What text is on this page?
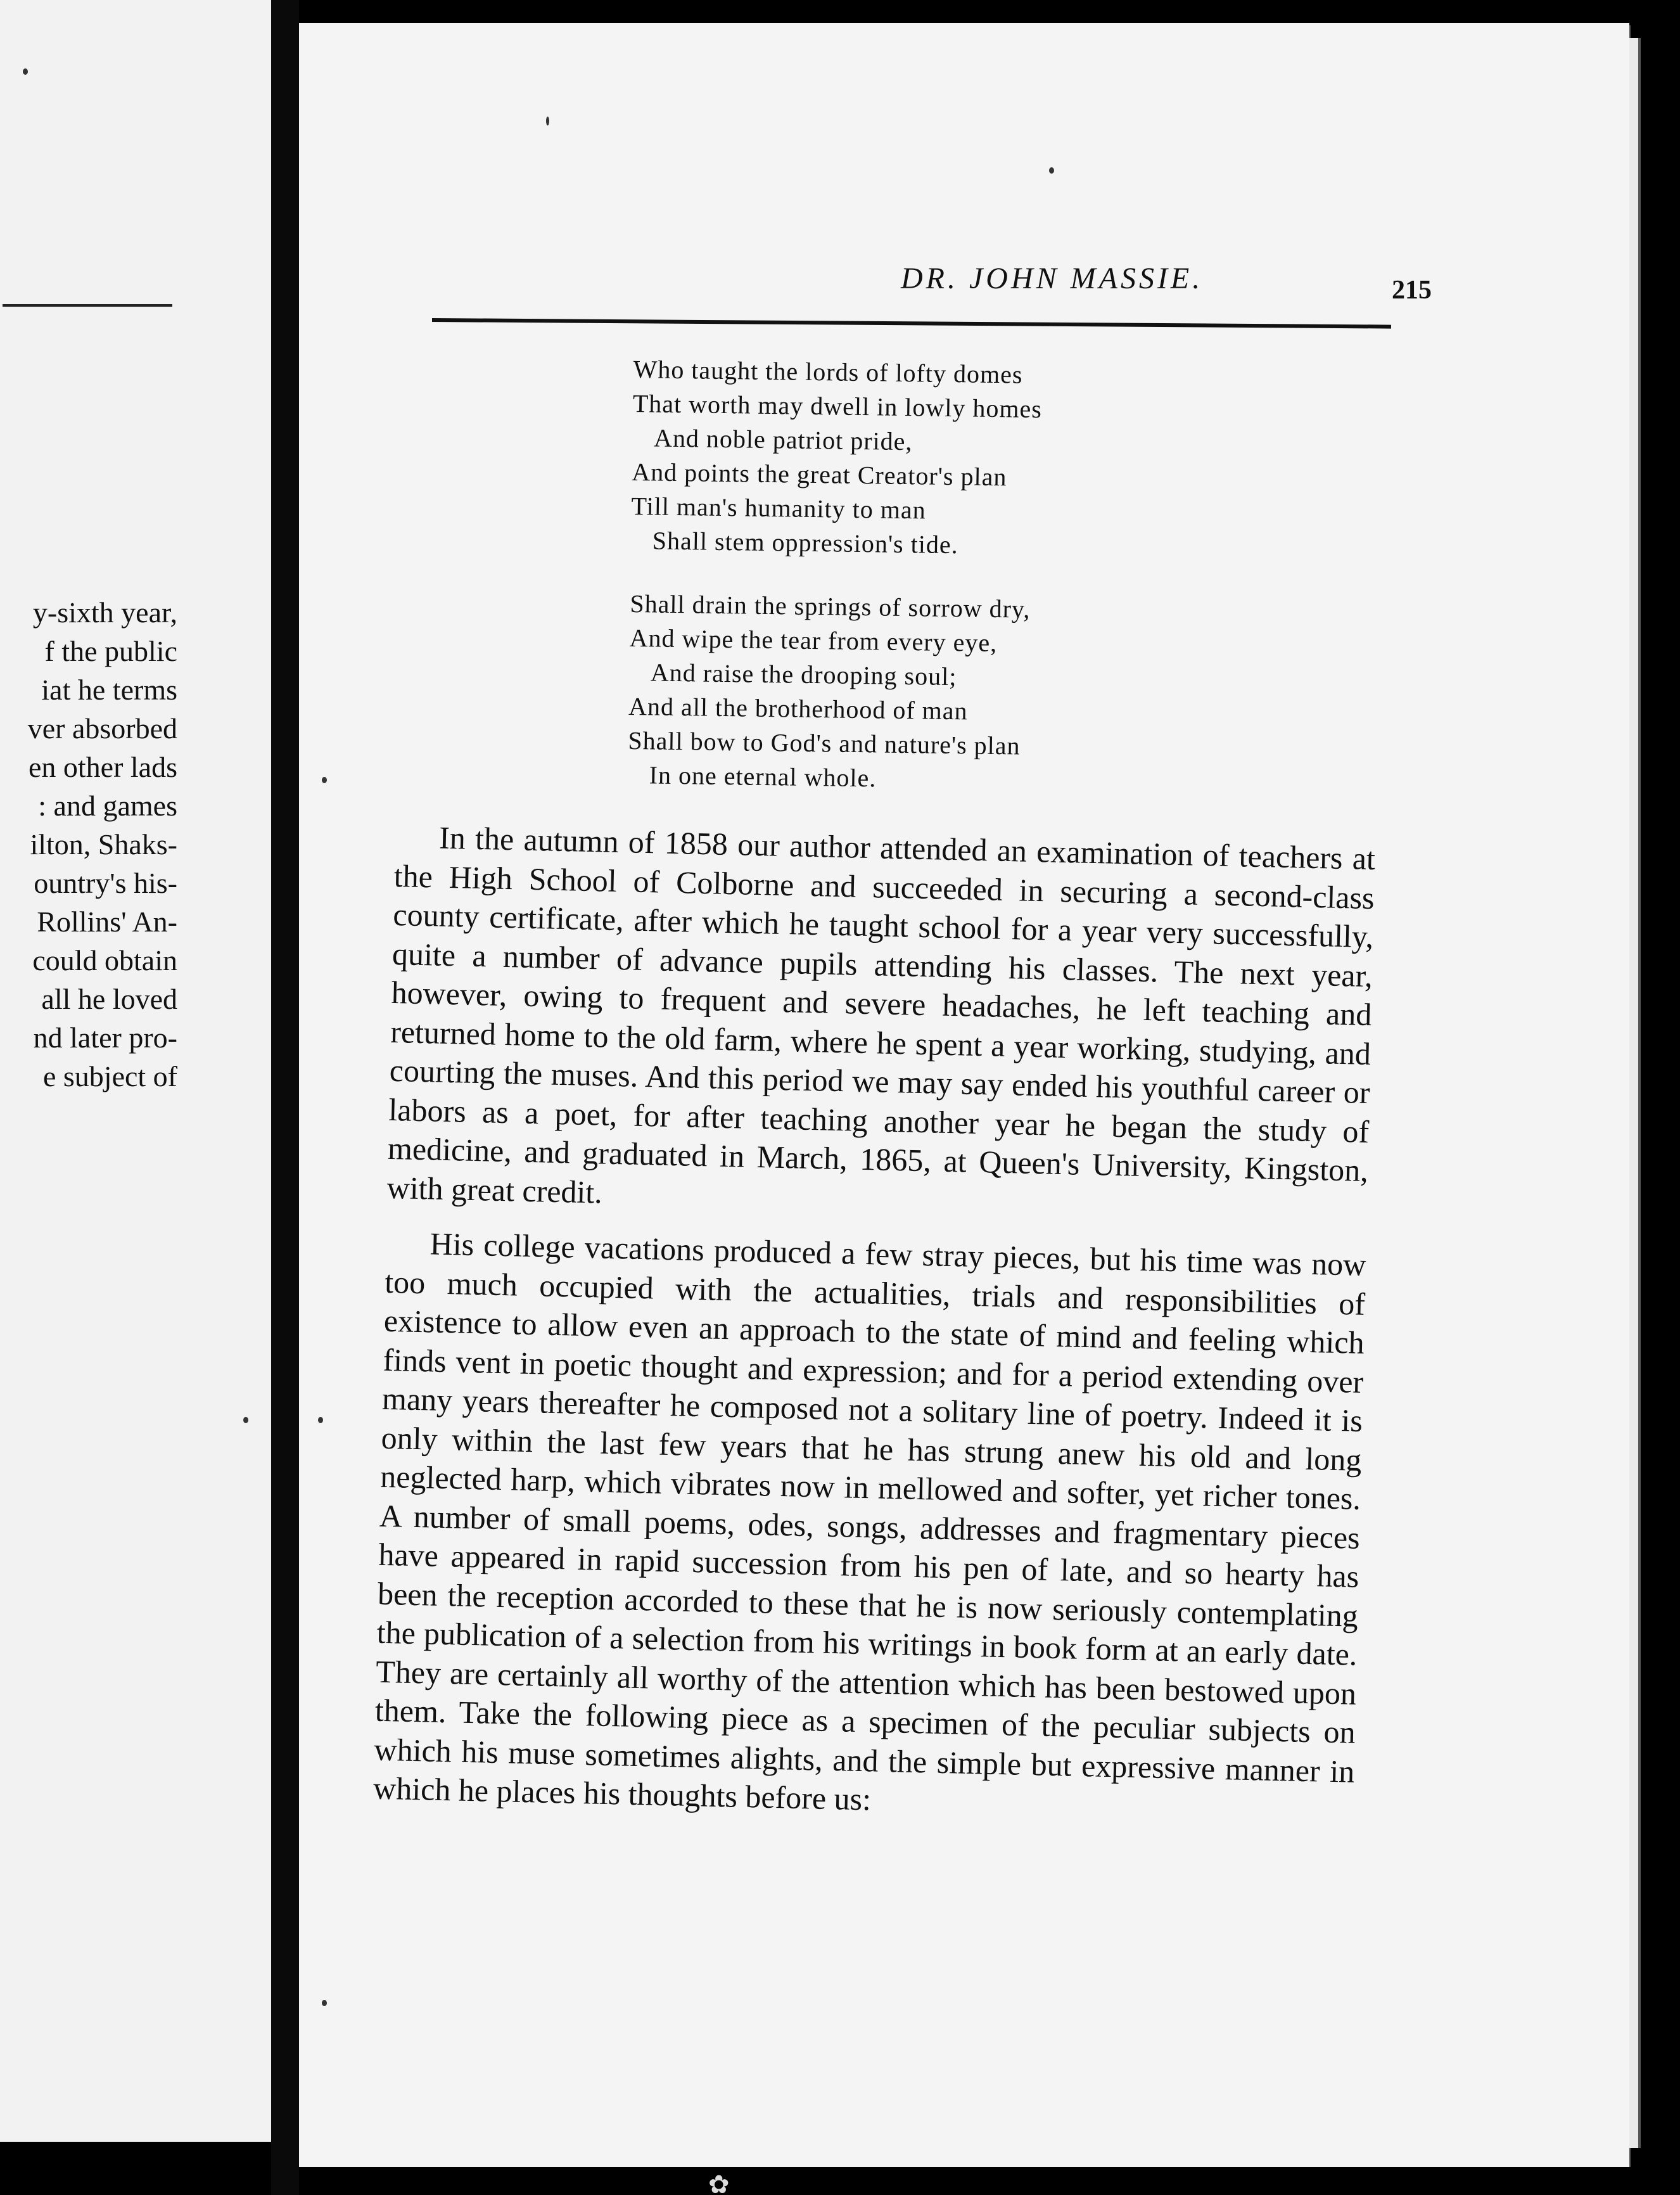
y-sixth year,
f the public
iat he terms
ver absorbed
en other lads
: and games
ilton, Shaks-
ountry's his-
Rollins' An-
could obtain
all he loved
nd later pro-
e subject of
DR. JOHN MASSIE.	215
Who taught the lords of lofty domes
That worth may dwell in lowly homes
And noble patriot pride,
And points the great Creator's plan
Till man's humanity to man
Shall stem oppression's tide.
Shall drain the springs of sorrow dry,
And wipe the tear from every eye,
And raise the drooping soul;
And all the brotherhood of man
Shall bow to God's and nature's plan
In one eternal whole.

In the autumn of 1858 our author attended an examination of teachers at the High School of Colborne and succeeded in securing a second-class county certificate, after which he taught school for a year very successfully, quite a number of advance pupils attending his classes. The next year, however, owing to frequent and severe headaches, he left teaching and returned home to the old farm, where he spent a year working, studying, and courting the muses. And this period we may say ended his youthful career or labors as a poet, for after teaching another year he began the study of medicine, and graduated in March, 1865, at Queen's University, Kingston, with great credit.

His college vacations produced a few stray pieces, but his time was now too much occupied with the actualities, trials and responsibilities of existence to allow even an approach to the state of mind and feeling which finds vent in poetic thought and expression; and for a period extending over many years thereafter he composed not a solitary line of poetry. Indeed it is only within the last few years that he has strung anew his old and long neglected harp, which vibrates now in mellowed and softer, yet richer tones. A number of small poems, odes, songs, addresses and fragmentary pieces have appeared in rapid succession from his pen of late, and so hearty has been the reception accorded to these that he is now seriously contemplating the publication of a selection from his writings in book form at an early date. They are certainly all worthy of the attention which has been bestowed upon them. Take the following piece as a specimen of the peculiar subjects on which his muse sometimes alights, and the simple but expressive manner in which he places his thoughts before us:

✿
